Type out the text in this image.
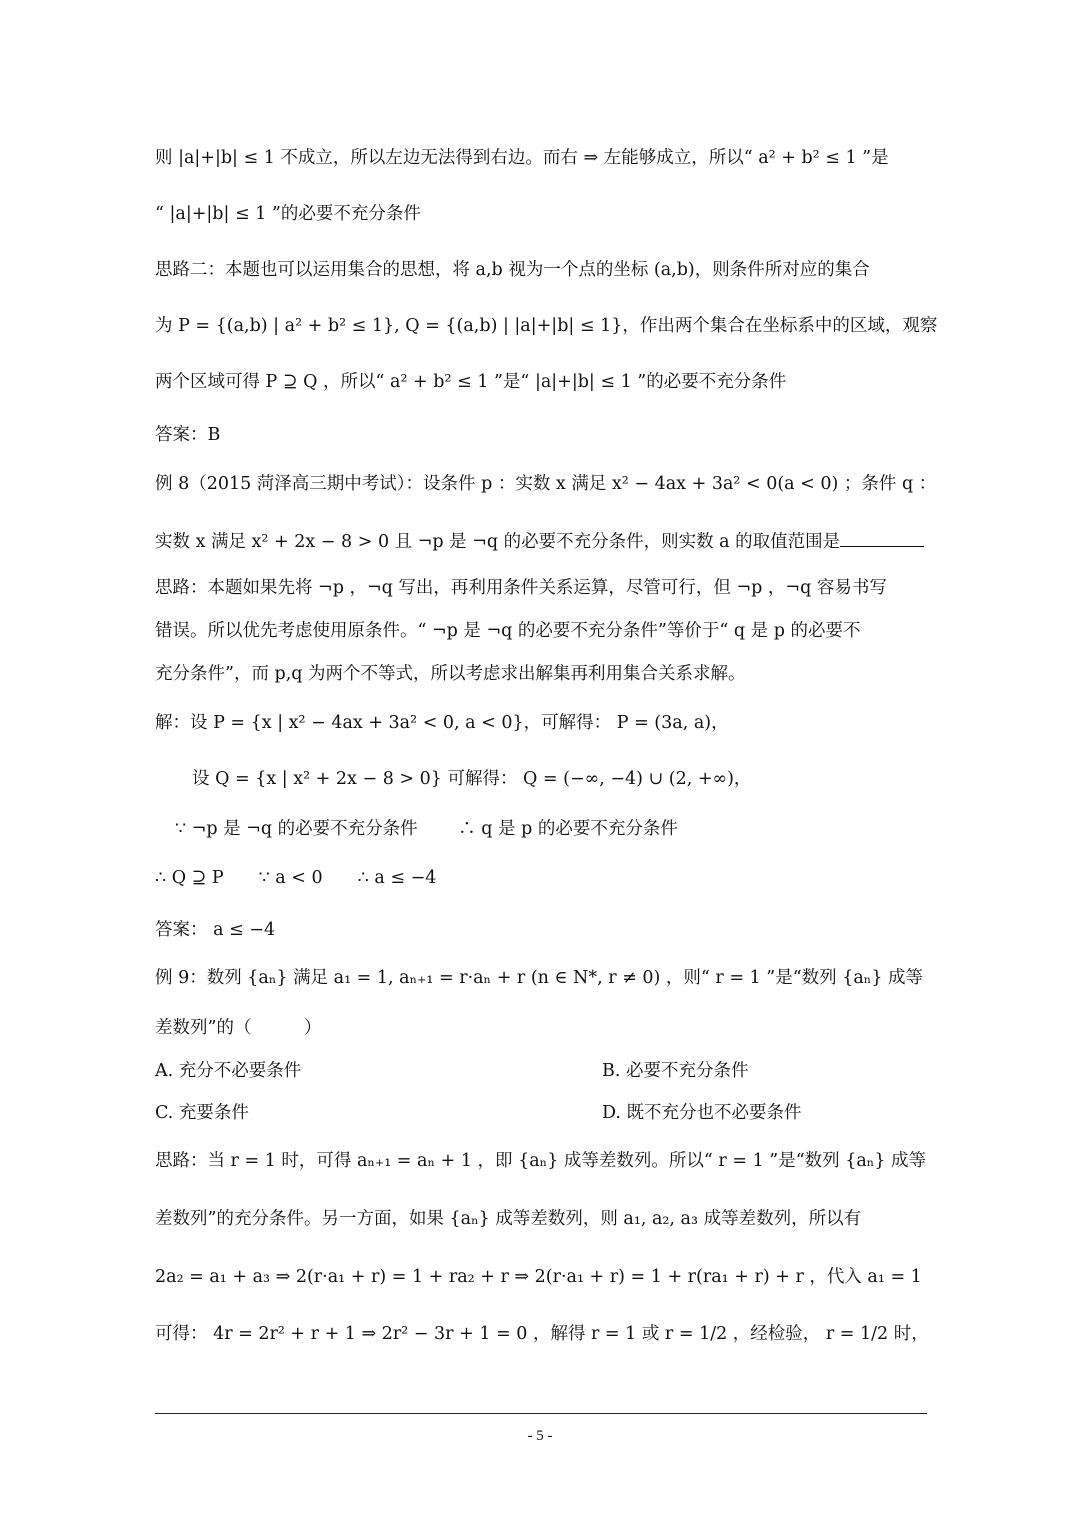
则 |a|+|b| ≤ 1 不成立，所以左边无法得到右边。而右 ⇒ 左能够成立，所以“ a² + b² ≤ 1 ”是
“ |a|+|b| ≤ 1 ”的必要不充分条件
思路二：本题也可以运用集合的思想，将 a,b 视为一个点的坐标 (a,b)，则条件所对应的集合
为 P = {(a,b) | a² + b² ≤ 1}, Q = {(a,b) | |a|+|b| ≤ 1}，作出两个集合在坐标系中的区域，观察
两个区域可得 P ⊇ Q ，所以“ a² + b² ≤ 1 ”是“ |a|+|b| ≤ 1 ”的必要不充分条件
答案：B
例 8（2015 菏泽高三期中考试）：设条件 p ：实数 x 满足 x² − 4ax + 3a² < 0(a < 0) ；条件 q ：
实数 x 满足 x² + 2x − 8 > 0 且 ¬p 是 ¬q 的必要不充分条件，则实数 a 的取值范围是
思路：本题如果先将 ¬p ，¬q 写出，再利用条件关系运算，尽管可行，但 ¬p ，¬q 容易书写
错误。所以优先考虑使用原条件。“ ¬p 是 ¬q 的必要不充分条件”等价于“ q 是 p 的必要不
充分条件”，而 p,q 为两个不等式，所以考虑求出解集再利用集合关系求解。
解：设 P = {x | x² − 4ax + 3a² < 0, a < 0}，可解得： P = (3a, a)，
设 Q = {x | x² + 2x − 8 > 0} 可解得： Q = (−∞, −4) ∪ (2, +∞)，
∵ ¬p 是 ¬q 的必要不充分条件　　 ∴ q 是 p 的必要不充分条件
∴ Q ⊇ P　　∵ a < 0　　∴ a ≤ −4
答案： a ≤ −4
例 9：数列 {aₙ} 满足 a₁ = 1, aₙ₊₁ = r·aₙ + r (n ∈ N*, r ≠ 0) ，则“ r = 1 ”是“数列 {aₙ} 成等
差数列”的（　　　）
A. 充分不必要条件	B. 必要不充分条件
C. 充要条件	D. 既不充分也不必要条件
思路：当 r = 1 时，可得 aₙ₊₁ = aₙ + 1 ，即 {aₙ} 成等差数列。所以“ r = 1 ”是“数列 {aₙ} 成等
差数列”的充分条件。另一方面，如果 {aₙ} 成等差数列，则 a₁, a₂, a₃ 成等差数列，所以有
2a₂ = a₁ + a₃ ⇒ 2(r·a₁ + r) = 1 + ra₂ + r ⇒ 2(r·a₁ + r) = 1 + r(ra₁ + r) + r ，代入 a₁ = 1
可得： 4r = 2r² + r + 1 ⇒ 2r² − 3r + 1 = 0 ，解得 r = 1 或 r = 1/2 ，经检验， r = 1/2 时，
- 5 -
